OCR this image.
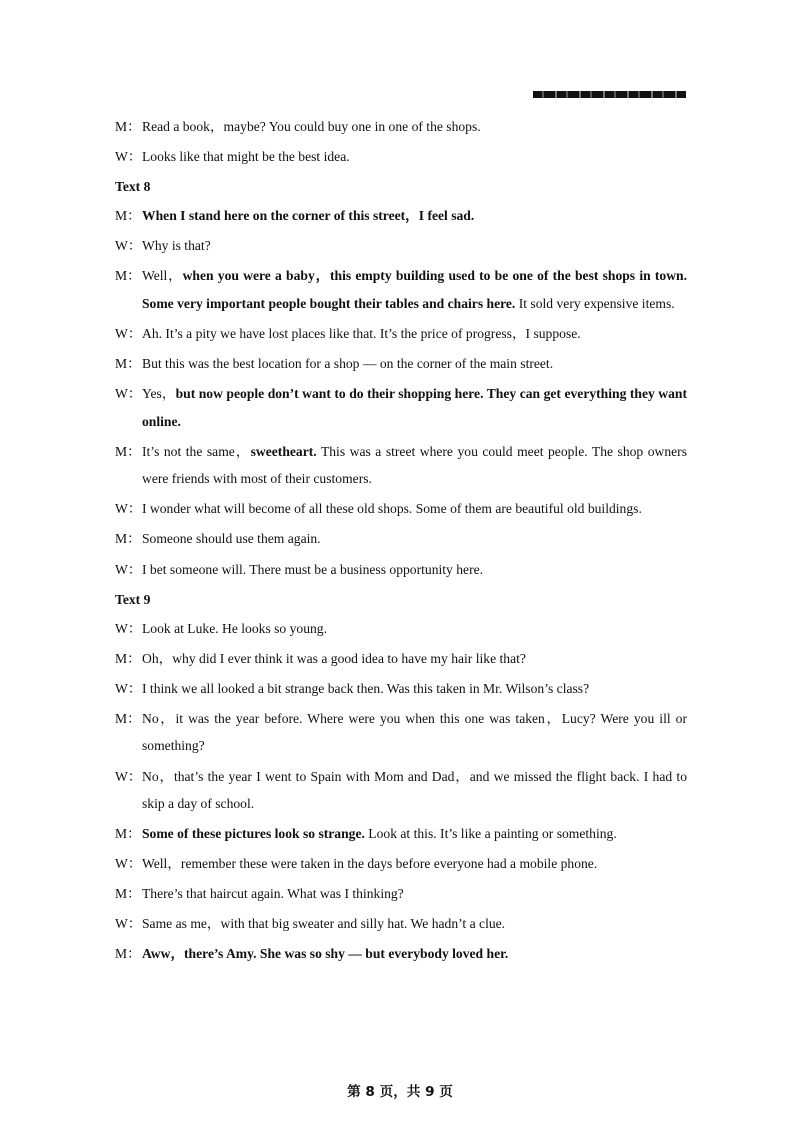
M： Read a book，maybe? You could buy one in one of the shops.
W： Looks like that might be the best idea.
Text 8
M： When I stand here on the corner of this street，I feel sad.
W： Why is that?
M： Well，when you were a baby，this empty building used to be one of the best shops in town. Some very important people bought their tables and chairs here. It sold very expensive items.
W： Ah. It’s a pity we have lost places like that. It’s the price of progress，I suppose.
M： But this was the best location for a shop — on the corner of the main street.
W： Yes，but now people don’t want to do their shopping here. They can get everything they want online.
M： It’s not the same，sweetheart. This was a street where you could meet people. The shop owners were friends with most of their customers.
W： I wonder what will become of all these old shops. Some of them are beautiful old buildings.
M： Someone should use them again.
W： I bet someone will. There must be a business opportunity here.
Text 9
W： Look at Luke. He looks so young.
M： Oh，why did I ever think it was a good idea to have my hair like that?
W： I think we all looked a bit strange back then. Was this taken in Mr. Wilson’s class?
M： No，it was the year before. Where were you when this one was taken，Lucy? Were you ill or something?
W： No，that’s the year I went to Spain with Mom and Dad，and we missed the flight back. I had to skip a day of school.
M： Some of these pictures look so strange. Look at this. It’s like a painting or something.
W： Well，remember these were taken in the days before everyone had a mobile phone.
M： There’s that haircut again. What was I thinking?
W： Same as me，with that big sweater and silly hat. We hadn’t a clue.
M： Aww，there’s Amy. She was so shy — but everybody loved her.
第 8 页，共 9 页
